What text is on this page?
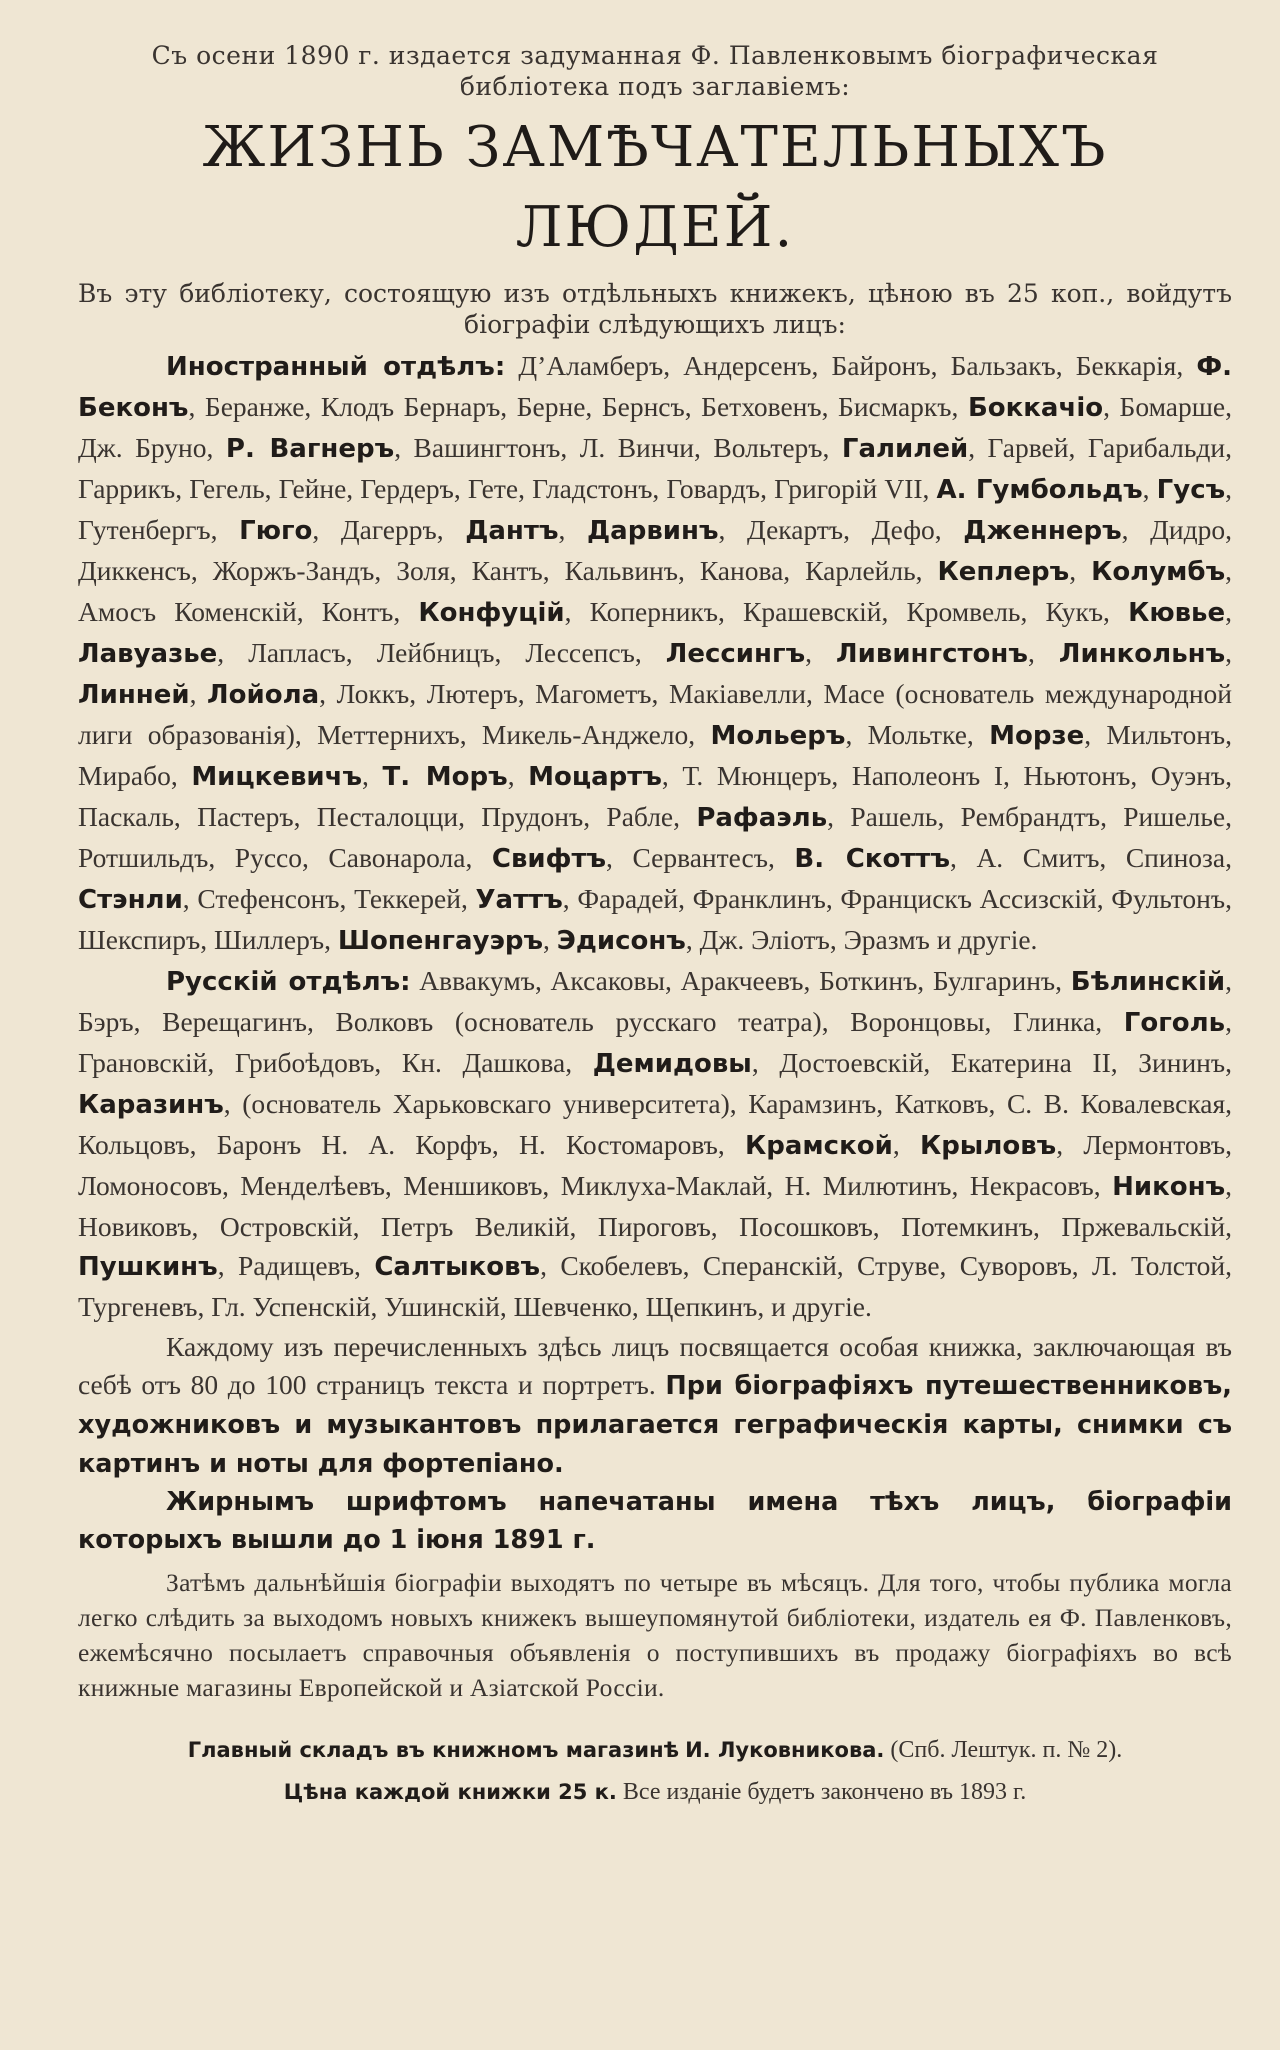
Съ осени 1890 г. издается задуманная Ф. Павленковымъ біографическая библіотека подъ заглавіемъ:
ЖИЗНЬ ЗАМѢЧАТЕЛЬНЫХЪ ЛЮДЕЙ.
Въ эту библіотеку, состоящую изъ отдѣльныхъ книжекъ, цѣною въ 25 коп., войдутъ біографіи слѣдующихъ лицъ:

Иностранный отдѣлъ: Д’Аламберъ, Андерсенъ, Байронъ, Бальзакъ, Беккарія, Ф. Беконъ, Беранже, Клодъ Бернаръ, Берне, Бернсъ, Бетховенъ, Бисмаркъ, Боккачіо, Бомарше, Дж. Бруно, Р. Вагнеръ, Вашингтонъ, Л. Винчи, Вольтеръ, Галилей, Гарвей, Гарибальди, Гаррикъ, Гегель, Гейне, Гердеръ, Гете, Гладстонъ, Говардъ, Григорій VII, А. Гумбольдъ, Гусъ, Гутенбергъ, Гюго, Дагерръ, Дантъ, Дарвинъ, Декартъ, Дефо, Дженнеръ, Дидро, Диккенсъ, Жоржъ-Зандъ, Золя, Кантъ, Кальвинъ, Канова, Карлейль, Кеплеръ, Колумбъ, Амосъ Коменскій, Контъ, Конфуцій, Коперникъ, Крашевскій, Кромвель, Кукъ, Кювье, Лавуазье, Лапласъ, Лейбницъ, Лессепсъ, Лессингъ, Ливингстонъ, Линкольнъ, Линней, Лойола, Локкъ, Лютеръ, Магометъ, Макіавелли, Масе (основатель международной лиги образованія), Меттернихъ, Микель-Анджело, Мольеръ, Мольтке, Морзе, Мильтонъ, Мирабо, Мицкевичъ, Т. Моръ, Моцартъ, Т. Мюнцеръ, Наполеонъ I, Ньютонъ, Оуэнъ, Паскаль, Пастеръ, Песталоцци, Прудонъ, Рабле, Рафаэль, Рашель, Рембрандтъ, Ришелье, Ротшильдъ, Руссо, Савонарола, Свифтъ, Сервантесъ, В. Скоттъ, А. Смитъ, Спиноза, Стэнли, Стефенсонъ, Теккерей, Уаттъ, Фарадей, Франклинъ, Францискъ Ассизскій, Фультонъ, Шекспиръ, Шиллеръ, Шопенгауэръ, Эдисонъ, Дж. Эліотъ, Эразмъ и другіе.

Русскій отдѣлъ: Аввакумъ, Аксаковы, Аракчеевъ, Боткинъ, Булгаринъ, Бѣлинскій, Бэръ, Верещагинъ, Волковъ (основатель русскаго театра), Воронцовы, Глинка, Гоголь, Грановскій, Грибоѣдовъ, Кн. Дашкова, Демидовы, Достоевскій, Екатерина II, Зининъ, Каразинъ, (основатель Харьковскаго университета), Карамзинъ, Катковъ, С. В. Ковалевская, Кольцовъ, Баронъ Н. А. Корфъ, Н. Костомаровъ, Крамской, Крыловъ, Лермонтовъ, Ломоносовъ, Менделѣевъ, Меншиковъ, Миклуха-Маклай, Н. Милютинъ, Некрасовъ, Никонъ, Новиковъ, Островскій, Петръ Великій, Пироговъ, Посошковъ, Потемкинъ, Пржевальскій, Пушкинъ, Радищевъ, Салтыковъ, Скобелевъ, Сперанскій, Струве, Суворовъ, Л. Толстой, Тургеневъ, Гл. Успенскій, Ушинскій, Шевченко, Щепкинъ, и другіе.

Каждому изъ перечисленныхъ здѣсь лицъ посвящается особая книжка, заключающая въ себѣ отъ 80 до 100 страницъ текста и портретъ. При біографіяхъ путешественниковъ, художниковъ и музыкантовъ прилагается геграфическія карты, снимки съ картинъ и ноты для фортепіано.

Жирнымъ шрифтомъ напечатаны имена тѣхъ лицъ, біографіи которыхъ вышли до 1 іюня 1891 г.

Затѣмъ дальнѣйшія біографіи выходятъ по четыре въ мѣсяцъ. Для того, чтобы публика могла легко слѣдить за выходомъ новыхъ книжекъ вышеупомянутой библіотеки, издатель ея Ф. Павленковъ, ежемѣсячно посылаетъ справочныя объявленія о поступившихъ въ продажу біографіяхъ во всѣ книжные магазины Европейской и Азіатской Россіи.

Главный складъ въ книжномъ магазинѣ И. Луковникова. (Спб. Лештук. п. № 2).
Цѣна каждой книжки 25 к. Все изданіе будетъ закончено въ 1893 г.
